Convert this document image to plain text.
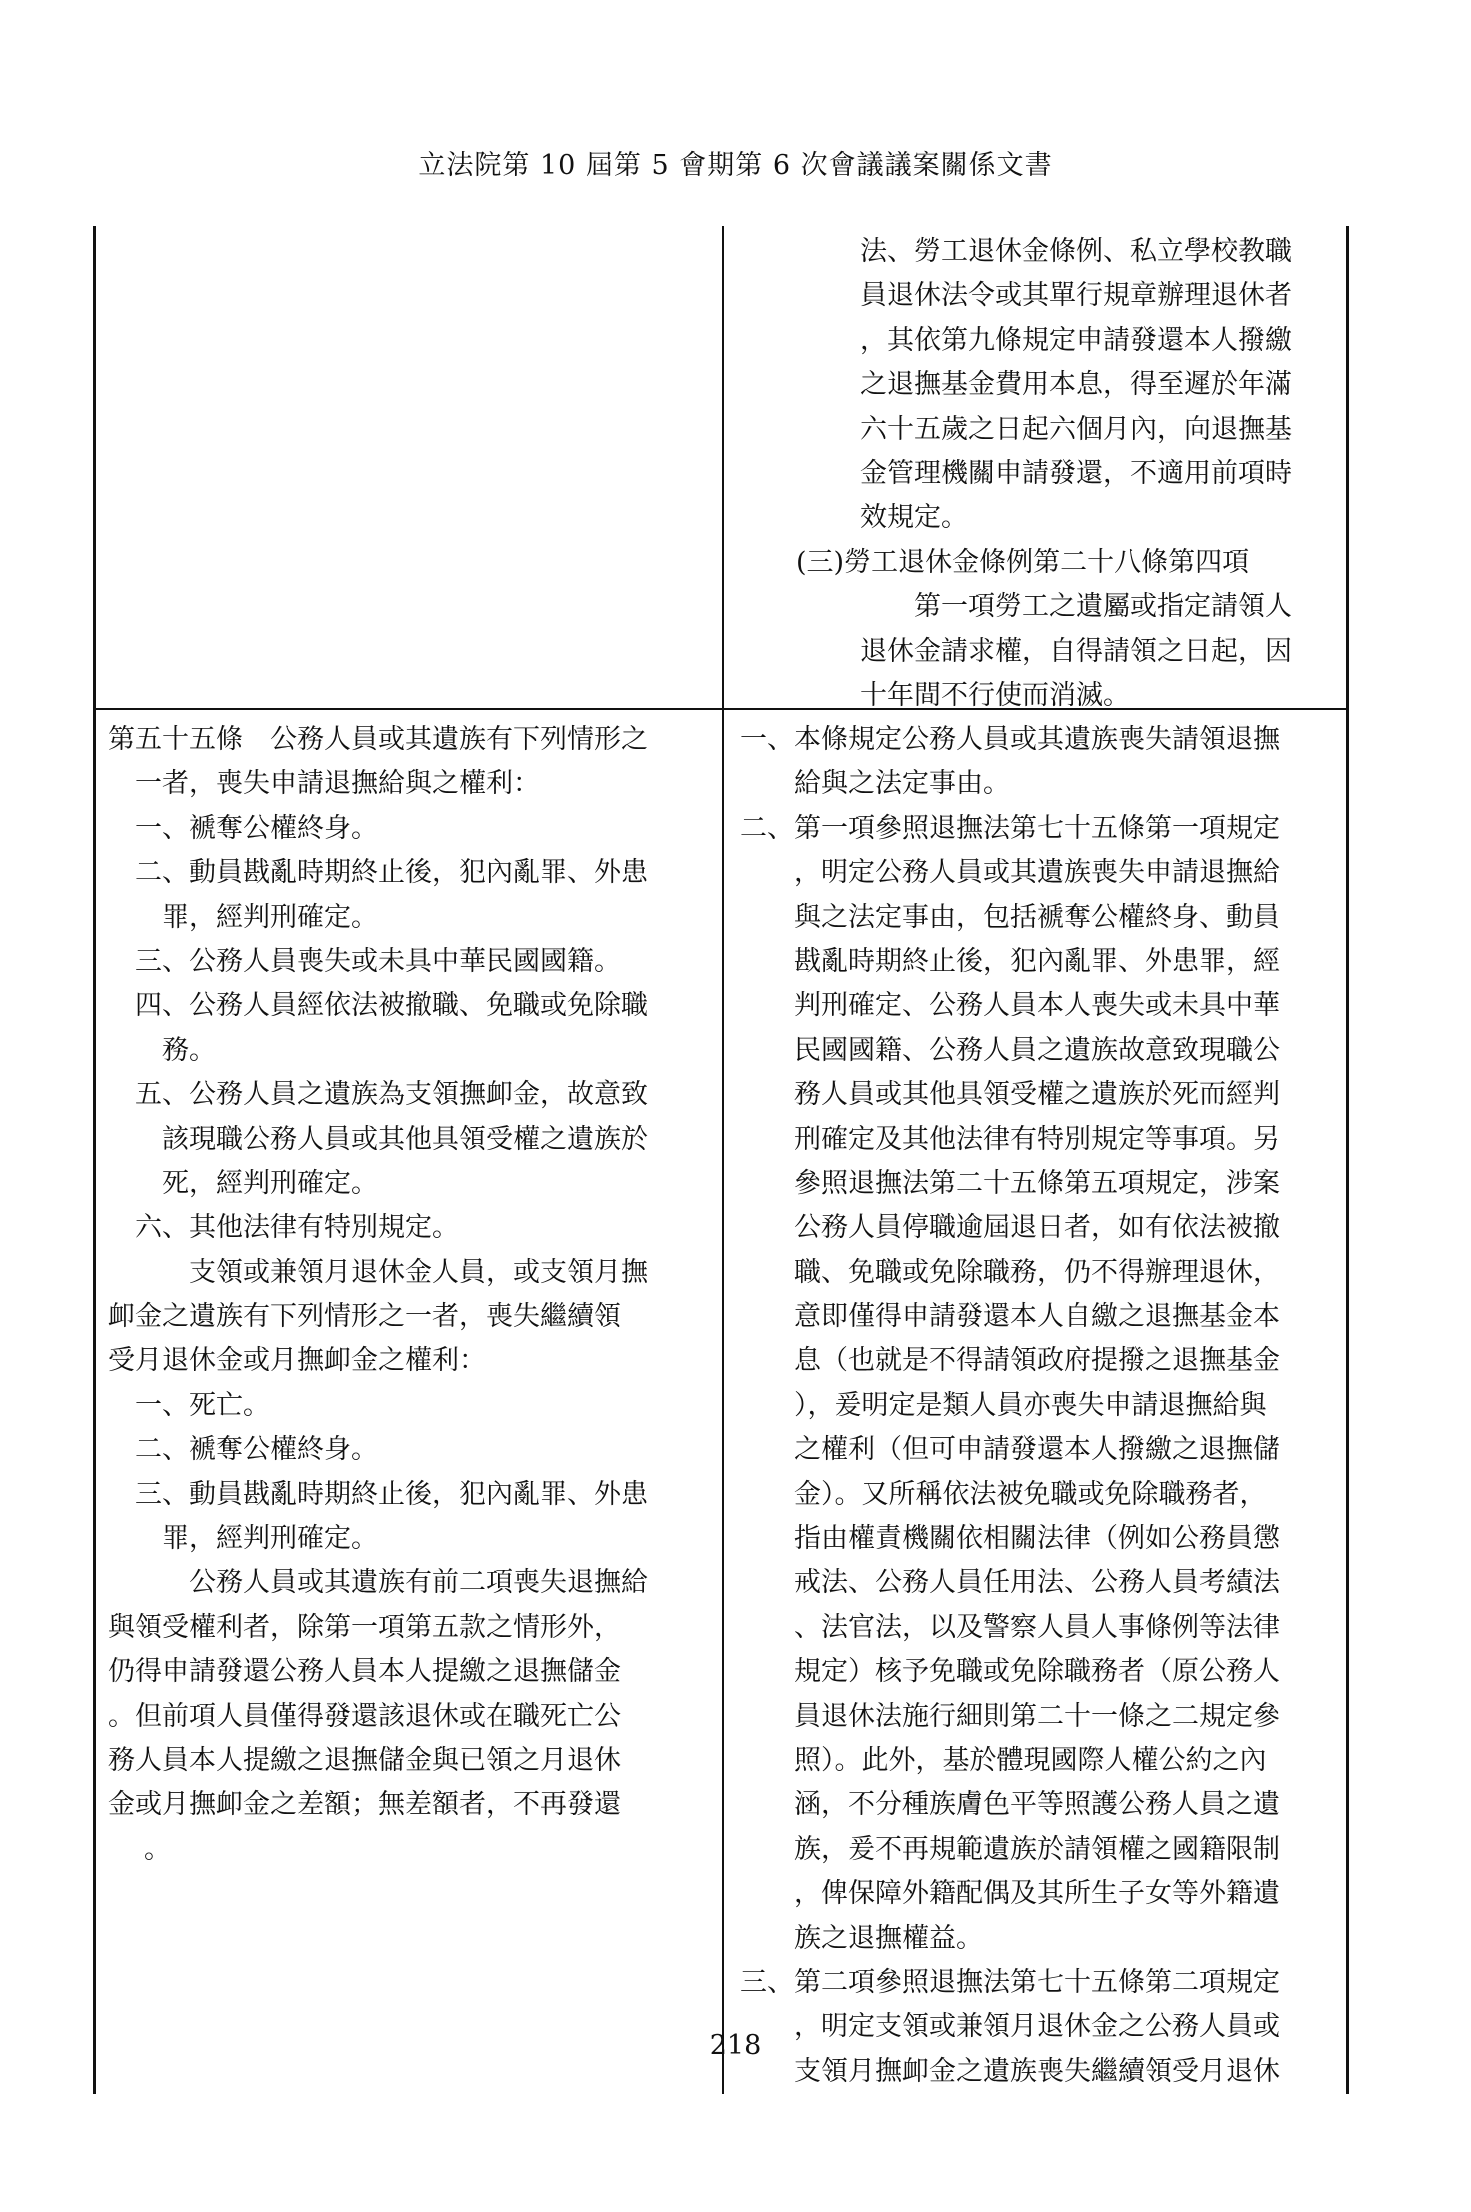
立法院第 10 屆第 5 會期第 6 次會議議案關係文書
法、勞工退休金條例、私立學校教職
員退休法令或其單行規章辦理退休者
，其依第九條規定申請發還本人撥繳
之退撫基金費用本息，得至遲於年滿
六十五歲之日起六個月內，向退撫基
金管理機關申請發還，不適用前項時
效規定。
(三)勞工退休金條例第二十八條第四項
第一項勞工之遺屬或指定請領人
退休金請求權，自得請領之日起，因
十年間不行使而消滅。
第五十五條　公務人員或其遺族有下列情形之
一者，喪失申請退撫給與之權利：
一、褫奪公權終身。
二、動員戡亂時期終止後，犯內亂罪、外患
罪，經判刑確定。
三、公務人員喪失或未具中華民國國籍。
四、公務人員經依法被撤職、免職或免除職
務。
五、公務人員之遺族為支領撫卹金，故意致
該現職公務人員或其他具領受權之遺族於
死，經判刑確定。
六、其他法律有特別規定。
支領或兼領月退休金人員，或支領月撫
卹金之遺族有下列情形之一者，喪失繼續領
受月退休金或月撫卹金之權利：
一、死亡。
二、褫奪公權終身。
三、動員戡亂時期終止後，犯內亂罪、外患
罪，經判刑確定。
公務人員或其遺族有前二項喪失退撫給
與領受權利者，除第一項第五款之情形外，
仍得申請發還公務人員本人提繳之退撫儲金
。但前項人員僅得發還該退休或在職死亡公
務人員本人提繳之退撫儲金與已領之月退休
金或月撫卹金之差額；無差額者，不再發還
。
一、本條規定公務人員或其遺族喪失請領退撫
給與之法定事由。
二、第一項參照退撫法第七十五條第一項規定
，明定公務人員或其遺族喪失申請退撫給
與之法定事由，包括褫奪公權終身、動員
戡亂時期終止後，犯內亂罪、外患罪，經
判刑確定、公務人員本人喪失或未具中華
民國國籍、公務人員之遺族故意致現職公
務人員或其他具領受權之遺族於死而經判
刑確定及其他法律有特別規定等事項。另
參照退撫法第二十五條第五項規定，涉案
公務人員停職逾屆退日者，如有依法被撤
職、免職或免除職務，仍不得辦理退休，
意即僅得申請發還本人自繳之退撫基金本
息（也就是不得請領政府提撥之退撫基金
），爰明定是類人員亦喪失申請退撫給與
之權利（但可申請發還本人撥繳之退撫儲
金）。又所稱依法被免職或免除職務者，
指由權責機關依相關法律（例如公務員懲
戒法、公務人員任用法、公務人員考績法
、法官法，以及警察人員人事條例等法律
規定）核予免職或免除職務者（原公務人
員退休法施行細則第二十一條之二規定參
照）。此外，基於體現國際人權公約之內
涵，不分種族膚色平等照護公務人員之遺
族，爰不再規範遺族於請領權之國籍限制
，俾保障外籍配偶及其所生子女等外籍遺
族之退撫權益。
三、第二項參照退撫法第七十五條第二項規定
，明定支領或兼領月退休金之公務人員或
支領月撫卹金之遺族喪失繼續領受月退休
218
